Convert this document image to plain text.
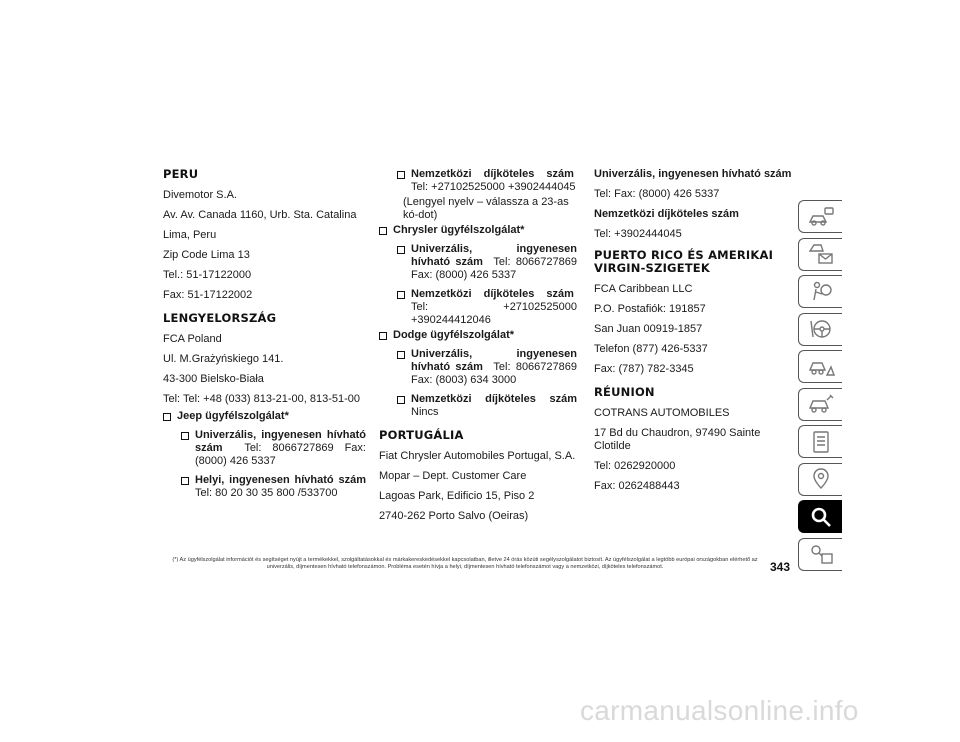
PERU

Divemotor S.A.

Av. Av. Canada 1160, Urb. Sta. Catalina

Lima, Peru

Zip Code Lima 13

Tel.: 51-17122000

Fax: 51-17122002

LENGYELORSZÁG

FCA Poland

Ul. M.Grażyńskiego 141.

43-300 Bielsko-Biała

Tel: Tel: +48 (033) 813-21-00, 813-51-00

Jeep ügyfélszolgálat*
Univerzális, ingyenesen hívható szám Tel: 8066727869 Fax: (8000) 426 5337
Helyi, ingyenesen hívható szám Tel: 80 20 30 35 800 /533700
Nemzetközi díjköteles szám  Tel: +27102525000 +3902444045

(Lengyel nyelv – válassza a 23-as kó-dot)

Chrysler ügyfélszolgálat*
Univerzális, ingyenesen hívható szám Tel: 8066727869 Fax: (8000) 426 5337
Nemzetközi díjköteles szám  Tel: +27102525000 +390244412046
Dodge ügyfélszolgálat*
Univerzális, ingyenesen hívható szám Tel: 8066727869 Fax: (8003) 634 3000
Nemzetközi díjköteles szám Nincs
PORTUGÁLIA

Fiat Chrysler Automobiles Portugal, S.A.

Mopar – Dept. Customer Care

Lagoas Park, Edificio 15, Piso 2

2740-262 Porto Salvo (Oeiras)

Univerzális, ingyenesen hívható szám

Tel: Fax: (8000) 426 5337

Nemzetközi díjköteles szám

Tel: +3902444045

PUERTO RICO ÉS AMERIKAI VIRGIN-SZIGETEK

FCA Caribbean LLC

P.O. Postafiók: 191857

San Juan 00919-1857

Telefon (877) 426-5337

Fax: (787) 782-3345

RÉUNION

COTRANS AUTOMOBILES

17 Bd du Chaudron, 97490 Sainte Clotilde

Tel: 0262920000

Fax: 0262488443

(*) Az ügyfélszolgálat információt és segítséget nyújt a termékekkel, szolgáltatásokkal és márkakereskedésekkel kapcsolatban, illetve 24 órás közúti segélyszolgálatot biztosít. Az ügyfélszolgálat a legtöbb európai országokban elérhető az univerzális, díjmentesen hívható telefonszámon. Probléma esetén hívja a helyi, díjmentesen hívható telefonszámot vagy a nemzetközi, díjköteles telefonszámot.	343
carmanualsonline.info
